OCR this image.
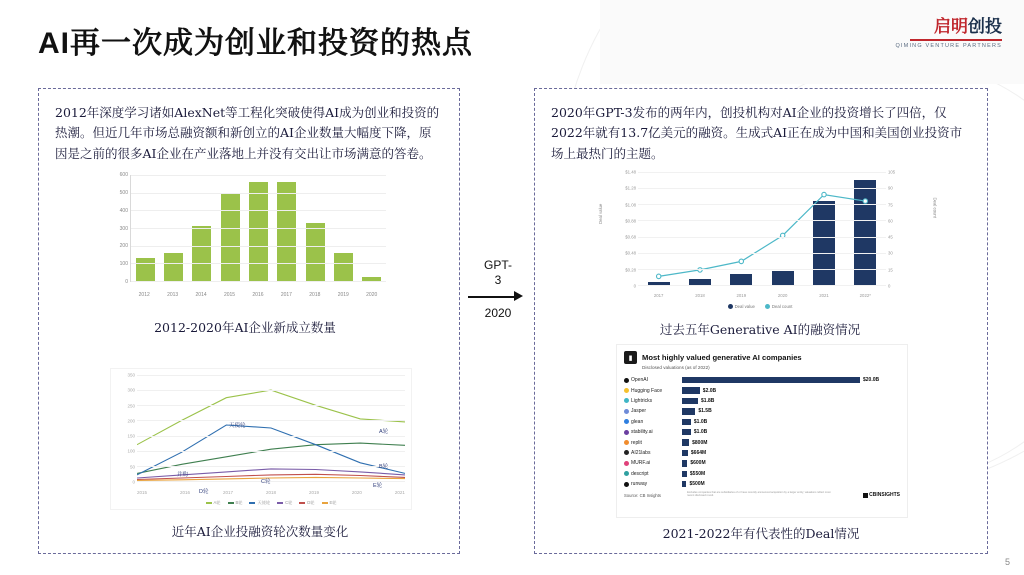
AI再一次成为创业和投资的热点
启明创投
QIMING VENTURE PARTNERS
2012年深度学习诸如AlexNet等工程化突破使得AI成为创业和投资的热潮。但近几年市场总融资额和新创立的AI企业数量大幅度下降，原因是之前的很多AI企业在产业落地上并没有交出让市场满意的答卷。
600
500
400
300
200
100
0
2012	2013	2014	2015	2016	2017	2018	2019	2020
2012-2020年AI企业新成立数量
350
300
250
200
150
100
50
0
2015	2016	2017	2018	2019	2020	2021
A轮	B轮	天使轮	C轮	D轮	E轮
天使轮
A轮
B轮
C轮
D轮
E轮
并购
近年AI企业投融资轮次数量变化
GPT-
3
2020
2020年GPT-3发布的两年内，创投机构对AI企业的投资增长了四倍，仅2022年就有13.7亿美元的融资。生成式AI正在成为中国和美国创业投资市场上最热门的主题。
Deal value	Deal count
$1.48	105
$1.28	90
$1.08	75
$0.88	60
$0.68	45
$0.48	30
$0.28	15
0	0
2017	2018	2019	2020	2021	2022*
Deal value	Deal count
过去五年Generative AI的融资情况
▮	Most highly valued generative AI companies
Disclosed valuations (as of 2022)
OpenAI	$20.0B
Hugging Face	$2.0B
Lightricks	$1.8B
Jasper	$1.5B
glean	$1.0B
stability.ai	$1.0B
replit	$800M
AI21labs	$664M
MURF.ai	$600M
descript	$550M
runway	$500M
Source: CB Insights
Excludes companies that are subsidiaries of or have recently announced acquisition by a larger entity; valuations reflect most recent disclosed round.	CBINSIGHTS
2021-2022年有代表性的Deal情况
5
